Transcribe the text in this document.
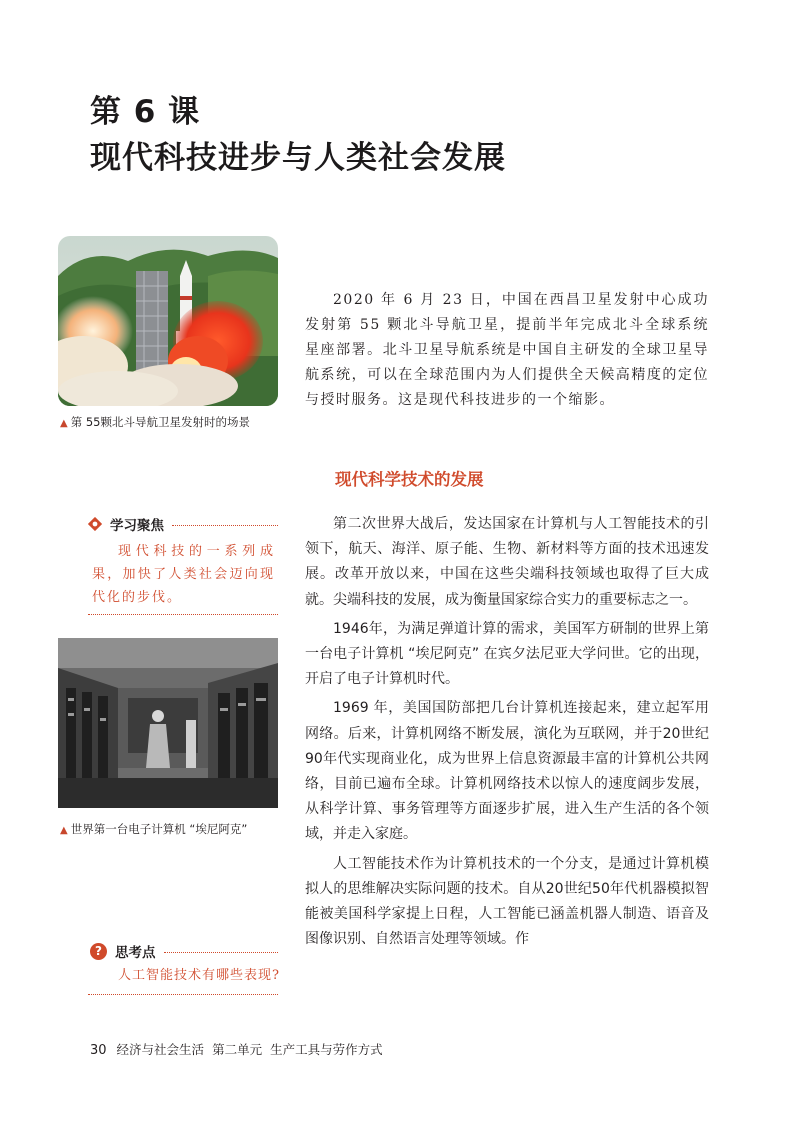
第 6 课
现代科技进步与人类社会发展
▲ 第 55颗北斗导航卫星发射时的场景
2020 年 6 月 23 日，中国在西昌卫星发射中心成功发射第 55 颗北斗导航卫星，提前半年完成北斗全球系统星座部署。北斗卫星导航系统是中国自主研发的全球卫星导航系统，可以在全球范围内为人们提供全天候高精度的定位与授时服务。这是现代科技进步的一个缩影。
现代科学技术的发展
学习聚焦
现代科技的一系列成果，加快了人类社会迈向现代化的步伐。
▲ 世界第一台电子计算机 “埃尼阿克”

第二次世界大战后，发达国家在计算机与人工智能技术的引领下，航天、海洋、原子能、生物、新材料等方面的技术迅速发展。改革开放以来，中国在这些尖端科技领域也取得了巨大成就。尖端科技的发展，成为衡量国家综合实力的重要标志之一。

1946年，为满足弹道计算的需求，美国军方研制的世界上第一台电子计算机 “埃尼阿克” 在宾夕法尼亚大学问世。它的出现，开启了电子计算机时代。

1969 年，美国国防部把几台计算机连接起来，建立起军用网络。后来，计算机网络不断发展，演化为互联网，并于20世纪90年代实现商业化，成为世界上信息资源最丰富的计算机公共网络，目前已遍布全球。计算机网络技术以惊人的速度阔步发展，从科学计算、事务管理等方面逐步扩展，进入生产生活的各个领域，并走入家庭。

人工智能技术作为计算机技术的一个分支，是通过计算机模拟人的思维解决实际问题的技术。自从20世纪50年代机器模拟智能被美国科学家提上日程，人工智能已涵盖机器人制造、语音及图像识别、自然语言处理等领域。作

? 思考点
人工智能技术有哪些表现?
30 经济与社会生活 第二单元 生产工具与劳作方式
